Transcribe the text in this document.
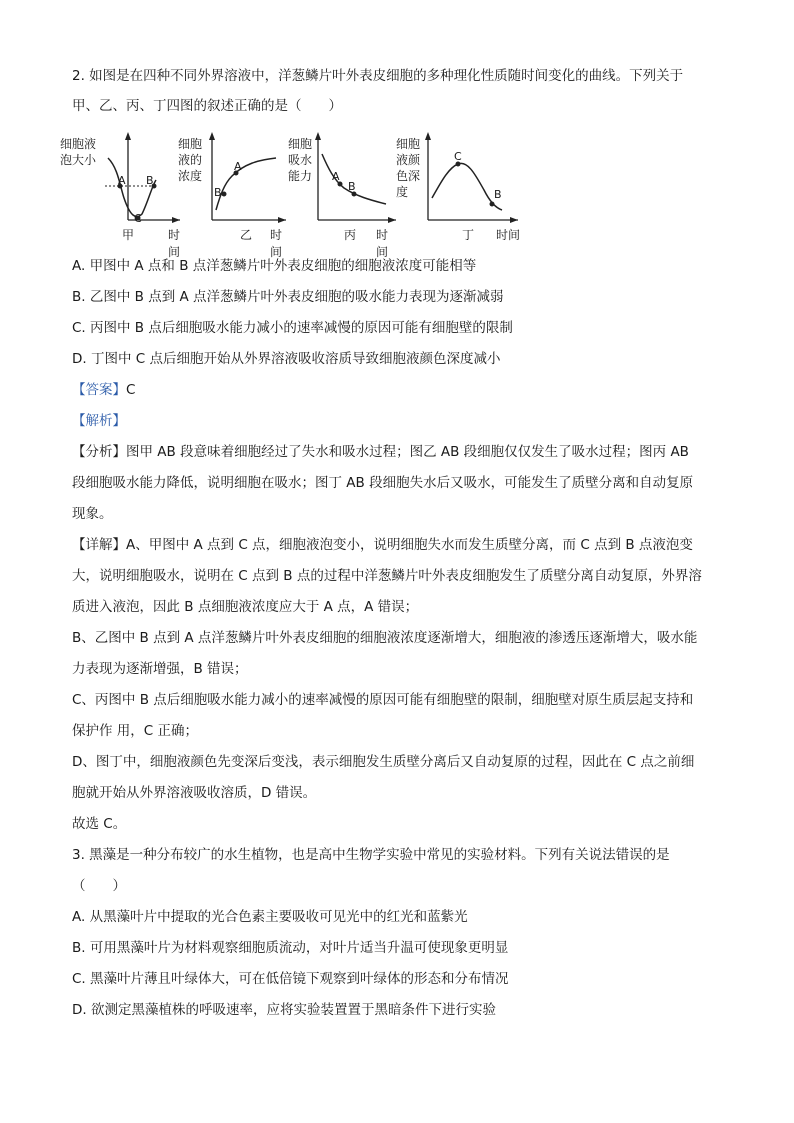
2. 如图是在四种不同外界溶液中，洋葱鳞片叶外表皮细胞的多种理化性质随时间变化的曲线。下列关于
甲、乙、丙、丁四图的叙述正确的是（　　）
细胞液泡大小
A B
C
甲	时间
细胞液的浓度
A
B
乙 时间
细胞吸水能力	A
B
丙 时间
细胞液颜色深度
C
B
丁 时间
A. 甲图中 A 点和 B 点洋葱鳞片叶外表皮细胞的细胞液浓度可能相等
B. 乙图中 B 点到 A 点洋葱鳞片叶外表皮细胞的吸水能力表现为逐渐减弱
C. 丙图中 B 点后细胞吸水能力减小的速率减慢的原因可能有细胞壁的限制
D. 丁图中 C 点后细胞开始从外界溶液吸收溶质导致细胞液颜色深度减小
【答案】C
【解析】
【分析】图甲 AB 段意味着细胞经过了失水和吸水过程；图乙 AB 段细胞仅仅发生了吸水过程；图丙 AB
段细胞吸水能力降低，说明细胞在吸水；图丁 AB 段细胞失水后又吸水，可能发生了质壁分离和自动复原
现象。
【详解】A、甲图中 A 点到 C 点，细胞液泡变小，说明细胞失水而发生质壁分离，而 C 点到 B 点液泡变
大，说明细胞吸水，说明在 C 点到 B 点的过程中洋葱鳞片叶外表皮细胞发生了质壁分离自动复原，外界溶
质进入液泡，因此 B 点细胞液浓度应大于 A 点，A 错误；
B、乙图中 B 点到 A 点洋葱鳞片叶外表皮细胞的细胞液浓度逐渐增大，细胞液的渗透压逐渐增大，吸水能
力表现为逐渐增强，B 错误；
C、丙图中 B 点后细胞吸水能力减小的速率减慢的原因可能有细胞壁的限制，细胞壁对原生质层起支持和
保护作 用，C 正确；
D、图丁中，细胞液颜色先变深后变浅，表示细胞发生质壁分离后又自动复原的过程，因此在 C 点之前细
胞就开始从外界溶液吸收溶质，D 错误。
故选 C。
3. 黑藻是一种分布较广的水生植物，也是高中生物学实验中常见的实验材料。下列有关说法错误的是
（　　）
A. 从黑藻叶片中提取的光合色素主要吸收可见光中的红光和蓝紫光
B. 可用黑藻叶片为材料观察细胞质流动，对叶片适当升温可使现象更明显
C. 黑藻叶片薄且叶绿体大，可在低倍镜下观察到叶绿体的形态和分布情况
D. 欲测定黑藻植株的呼吸速率，应将实验装置置于黑暗条件下进行实验
